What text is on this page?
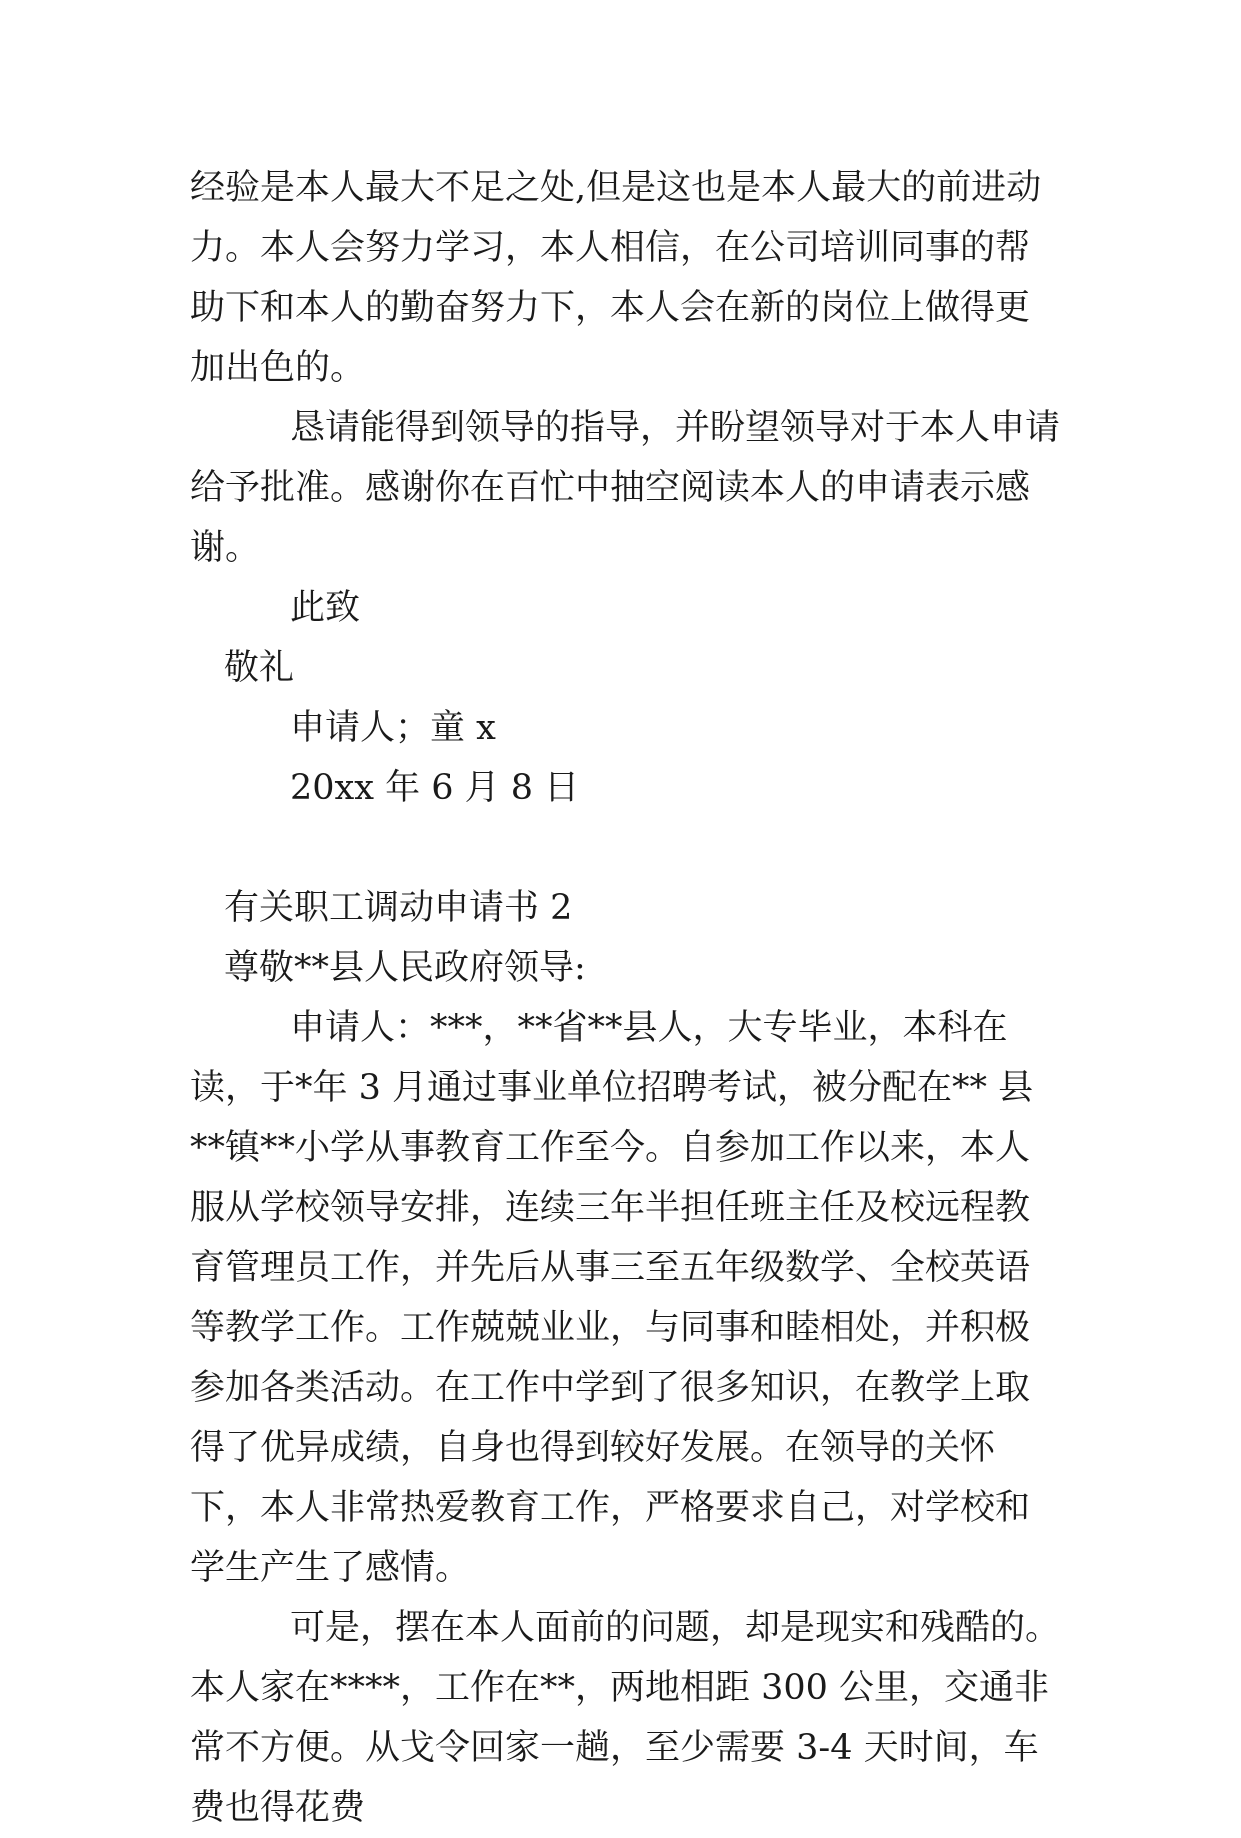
经验是本人最大不足之处,但是这也是本人最大的前进动力。本人会努力学习，本人相信，在公司培训同事的帮助下和本人的勤奋努力下，本人会在新的岗位上做得更加出色的。

恳请能得到领导的指导，并盼望领导对于本人申请给予批准。感谢你在百忙中抽空阅读本人的申请表示感谢。

此致

敬礼

申请人；童 x

20xx 年 6 月 8 日

有关职工调动申请书 2

尊敬**县人民政府领导:

申请人：***，**省**县人，大专毕业，本科在读，于*年 3 月通过事业单位招聘考试，被分配在** 县**镇**小学从事教育工作至今。自参加工作以来，本人服从学校领导安排，连续三年半担任班主任及校远程教育管理员工作，并先后从事三至五年级数学、全校英语等教学工作。工作兢兢业业，与同事和睦相处，并积极参加各类活动。在工作中学到了很多知识，在教学上取得了优异成绩，自身也得到较好发展。在领导的关怀下，本人非常热爱教育工作，严格要求自己，对学校和学生产生了感情。

可是，摆在本人面前的问题，却是现实和残酷的。本人家在****，工作在**，两地相距 300 公里，交通非常不方便。从戈令回家一趟，至少需要 3-4 天时间，车费也得花费
